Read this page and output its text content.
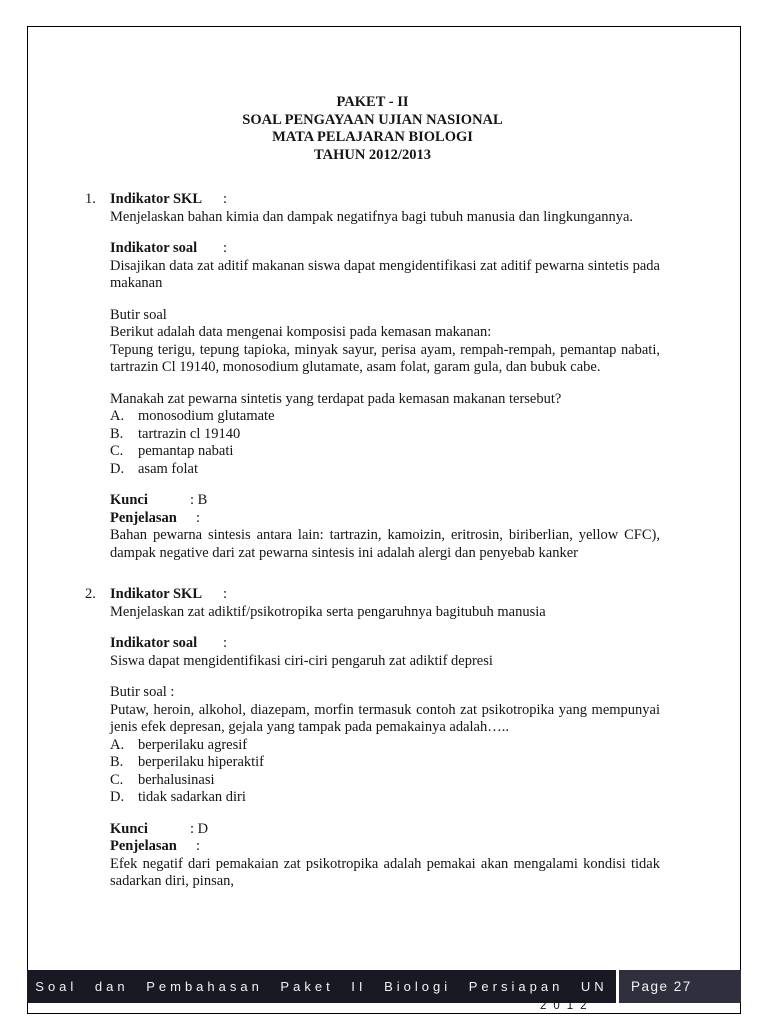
PAKET - II
SOAL PENGAYAAN UJIAN NASIONAL
MATA PELAJARAN BIOLOGI
TAHUN 2012/2013
1. Indikator SKL :

Menjelaskan bahan kimia dan dampak negatifnya bagi tubuh manusia dan lingkungannya.

Indikator soal :

Disajikan data zat aditif makanan siswa dapat mengidentifikasi zat aditif pewarna sintetis pada makanan

Butir soal

Berikut adalah data mengenai komposisi pada kemasan makanan:

Tepung terigu, tepung tapioka, minyak sayur, perisa ayam, rempah-rempah, pemantap nabati, tartrazin Cl 19140, monosodium glutamate, asam folat, garam gula, dan bubuk cabe.

Manakah zat pewarna sintetis yang terdapat pada kemasan makanan tersebut?

A. monosodium glutamate
B.	tartrazin cl 19140
C.	pemantap nabati
D. asam folat

Kunci	: B

Penjelasan :

Bahan pewarna sintesis antara lain: tartrazin, kamoizin, eritrosin, biriberlian, yellow CFC), dampak negative dari zat pewarna sintesis ini adalah alergi dan penyebab kanker

2. Indikator SKL :

Menjelaskan zat adiktif/psikotropika serta pengaruhnya bagitubuh manusia

Indikator soal :

Siswa dapat mengidentifikasi ciri-ciri pengaruh zat adiktif depresi

Butir soal :

Putaw, heroin, alkohol, diazepam, morfin termasuk contoh zat psikotropika yang mempunyai jenis efek depresan, gejala yang tampak pada pemakainya adalah…..

A. berperilaku agresif
B.	berperilaku hiperaktif
C.	berhalusinasi
D. tidak sadarkan diri

Kunci	: D

Penjelasan :

Efek negatif dari pemakaian zat psikotropika adalah pemakai akan mengalami kondisi tidak sadarkan diri, pinsan,

Soal dan Pembahasan Paket II Biologi Persiapan UN	Page 27
2012
